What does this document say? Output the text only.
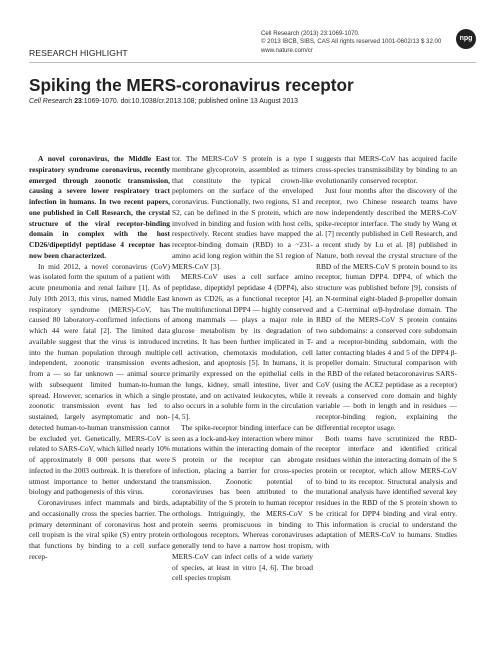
Cell Research (2013) 23:1069-1070.
© 2013 IBCB, SIBS, CAS All rights reserved 1001-0602/13 $ 32.00
www.nature.com/cr
npg
RESEARCH HIGHLIGHT
Spiking the MERS-coronavirus receptor
Cell Research 23:1069-1070. doi:10.1038/cr.2013.108; published online 13 August 2013

A novel coronavirus, the Middle East respiratory syndrome coronavirus, recently emerged through zoonotic transmission, causing a severe lower respiratory tract infection in humans. In two recent papers, one published in Cell Research, the crystal structure of the viral receptor-binding domain in complex with the host CD26/dipeptidyl peptidase 4 receptor has now been characterized.

In mid 2012, a novel coronavirus (CoV) was isolated form the sputum of a patient with acute pneumonia and renal failure [1]. As of July 10th 2013, this virus, named Middle East respiratory syndrome (MERS)-CoV, has caused 80 laboratory-confirmed infections of which 44 were fatal [2]. The limited data available suggest that the virus is introduced into the human population through multiple independent, zoonotic transmission events from a — so far unknown — animal source with subsequent limited human-to-human spread. However, scenarios in which a single zoonotic transmission event has led to sustained, largely asymptomatic and non-detected human-to-human transmission cannot be excluded yet. Genetically, MERS-CoV is related to SARS-CoV, which killed nearly 10% of approximately 8 000 persons that were infected in the 2003 outbreak. It is therefore of utmost importance to better understand the biology and pathogenesis of this virus.

Coronaviruses infect mammals and birds, and occasionally cross the species barrier. The primary determinant of coronavirus host and cell tropism is the viral spike (S) entry protein that functions by binding to a cell surface recep-

tor. The MERS-CoV S protein is a type I membrane glycoprotein, assembled as trimers that constitute the typical crown-like peplomers on the surface of the enveloped coronavirus. Functionally, two regions, S1 and S2, can be defined in the S protein, which are involved in binding and fusion with host cells, respectively. Recent studies have mapped the receptor-binding domain (RBD) to a ~231-amino acid long region within the S1 region of MERS-CoV [3].

MERS-CoV uses a cell surface amino peptidase, dipeptidyl peptidase 4 (DPP4), also known as CD26, as a functional receptor [4]. The multifunctional DPP4 — highly conserved among mammals — plays a major role in glucose metabolism by its degradation of incretins. It has been further implicated in T-cell activation, chemotaxis modulation, cell adhesion, and apoptosis [5]. In humans, it is primarily expressed on the epithelial cells in the lungs, kidney, small intestine, liver and prostate, and on activated leukocytes, while it also occurs in a soluble form in the circulation [4, 5].

The spike-receptor binding interface can be seen as a lock-and-key interaction where minor mutations within the interacting domain of the S protein or the receptor can abrogate infection, placing a barrier for cross-species transmission. Zoonotic potential of coronaviruses has been attributed to the adaptability of the S protein to human receptor orthologs. Intriguingly, the MERS-CoV S protein seems promiscuous in binding to orthologous receptors. Whereas coronaviruses generally tend to have a narrow host tropism, MERS-CoV can infect cells of a wide variety of species, at least in vitro [4, 6]. The broad cell species tropism

suggests that MERS-CoV has acquired facile cross-species transmissibility by binding to an evolutionarily conserved receptor.

Just four months after the discovery of the receptor, two Chinese research teams have now independently described the MERS-CoV spike-receptor interface. The study by Wang et al. [7] recently published in Cell Research, and a recent study by Lu et al. [8] published in Nature, both reveal the crystal structure of the RBD of the MERS-CoV S protein bound to its receptor, human DPP4. DPP4, of which the structure was published before [9], consists of an N-terminal eight-bladed β-propeller domain and a C-terminal α/β-hydrolase domain. The RBD of the MERS-CoV S protein contains two subdomains: a conserved core subdomain and a receptor-binding subdomain, with the latter contacting blades 4 and 5 of the DPP4 β-propeller domain. Structural comparison with the RBD of the related betacoronavirus SARS-CoV (using the ACE2 peptidase as a receptor) reveals a conserved core domain and highly variable — both in length and in residues — receptor-binding region, explaining the differential receptor usage.

Both teams have scrutinized the RBD-receptor interface and identified critical residues within the interacting domain of the S protein or receptor, which allow MERS-CoV to bind to its receptor. Structural analysis and mutational analysis have identified several key residues in the RBD of the S protein shown to be critical for DPP4 binding and viral entry. This information is crucial to understand the adaptation of MERS-CoV to humans. Studies with
